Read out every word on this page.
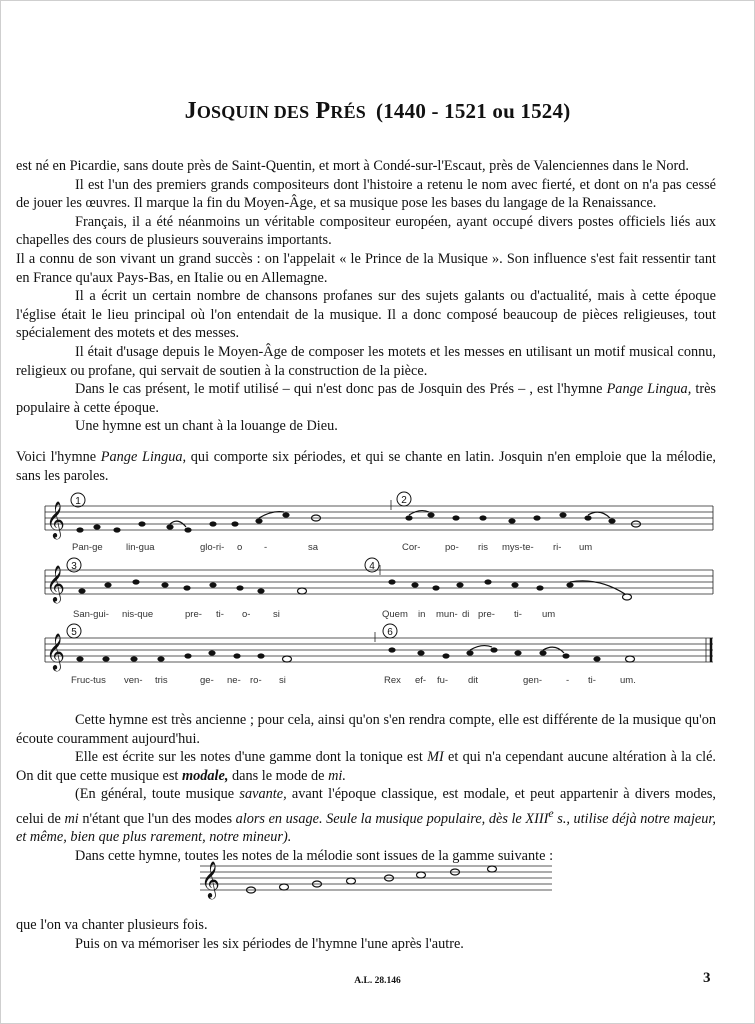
JOSQUIN DES PRÉS (1440 - 1521 ou 1524)

est né en Picardie, sans doute près de Saint-Quentin, et mort à Condé-sur-l'Escaut, près de Valenciennes dans le Nord.

Il est l'un des premiers grands compositeurs dont l'histoire a retenu le nom avec fierté, et dont on n'a pas cessé de jouer les œuvres. Il marque la fin du Moyen-Âge, et sa musique pose les bases du langage de la Renaissance.

Français, il a été néanmoins un véritable compositeur européen, ayant occupé divers postes officiels liés aux chapelles des cours de plusieurs souverains importants.

Il a connu de son vivant un grand succès : on l'appelait « le Prince de la Musique ». Son influence s'est fait ressentir tant en France qu'aux Pays-Bas, en Italie ou en Allemagne.

Il a écrit un certain nombre de chansons profanes sur des sujets galants ou d'actualité, mais à cette époque l'église était le lieu principal où l'on entendait de la musique. Il a donc composé beaucoup de pièces religieuses, tout spécialement des motets et des messes.

Il était d'usage depuis le Moyen-Âge de composer les motets et les messes en utilisant un motif musical connu, religieux ou profane, qui servait de soutien à la construction de la pièce.

Dans le cas présent, le motif utilisé – qui n'est donc pas de Josquin des Prés – , est l'hymne Pange Lingua, très populaire à cette époque.

Une hymne est un chant à la louange de Dieu.

Voici l'hymne Pange Lingua, qui comporte six périodes, et qui se chante en latin. Josquin n'en emploie que la mélodie, sans les paroles.

𝄞
𝄞
𝄞
𝄞
1	2
3	4
5	6
Pan-ge lin-gua	glo-ri- o -	sa	Cor-	po- ris mys-te- ri- um
San-gui- nis-que	pre- ti- o- si	Quem in mun- di pre- ti- um
Fruc-tus ven- tris	ge- ne- ro- si	Rex ef- fu- dit	gen-	- ti-	um.

Cette hymne est très ancienne ; pour cela, ainsi qu'on s'en rendra compte, elle est différente de la musique qu'on écoute couramment aujourd'hui.

Elle est écrite sur les notes d'une gamme dont la tonique est MI et qui n'a cependant aucune altération à la clé. On dit que cette musique est modale, dans le mode de mi.

(En général, toute musique savante, avant l'époque classique, est modale, et peut appartenir à divers modes, celui de mi n'étant que l'un des modes alors en usage. Seule la musique populaire, dès le XIIIe s., utilise déjà notre majeur, et même, bien que plus rarement, notre mineur).

Dans cette hymne, toutes les notes de la mélodie sont issues de la gamme suivante :

que l'on va chanter plusieurs fois.

Puis on va mémoriser les six périodes de l'hymne l'une après l'autre.

A.L. 28.146	3
